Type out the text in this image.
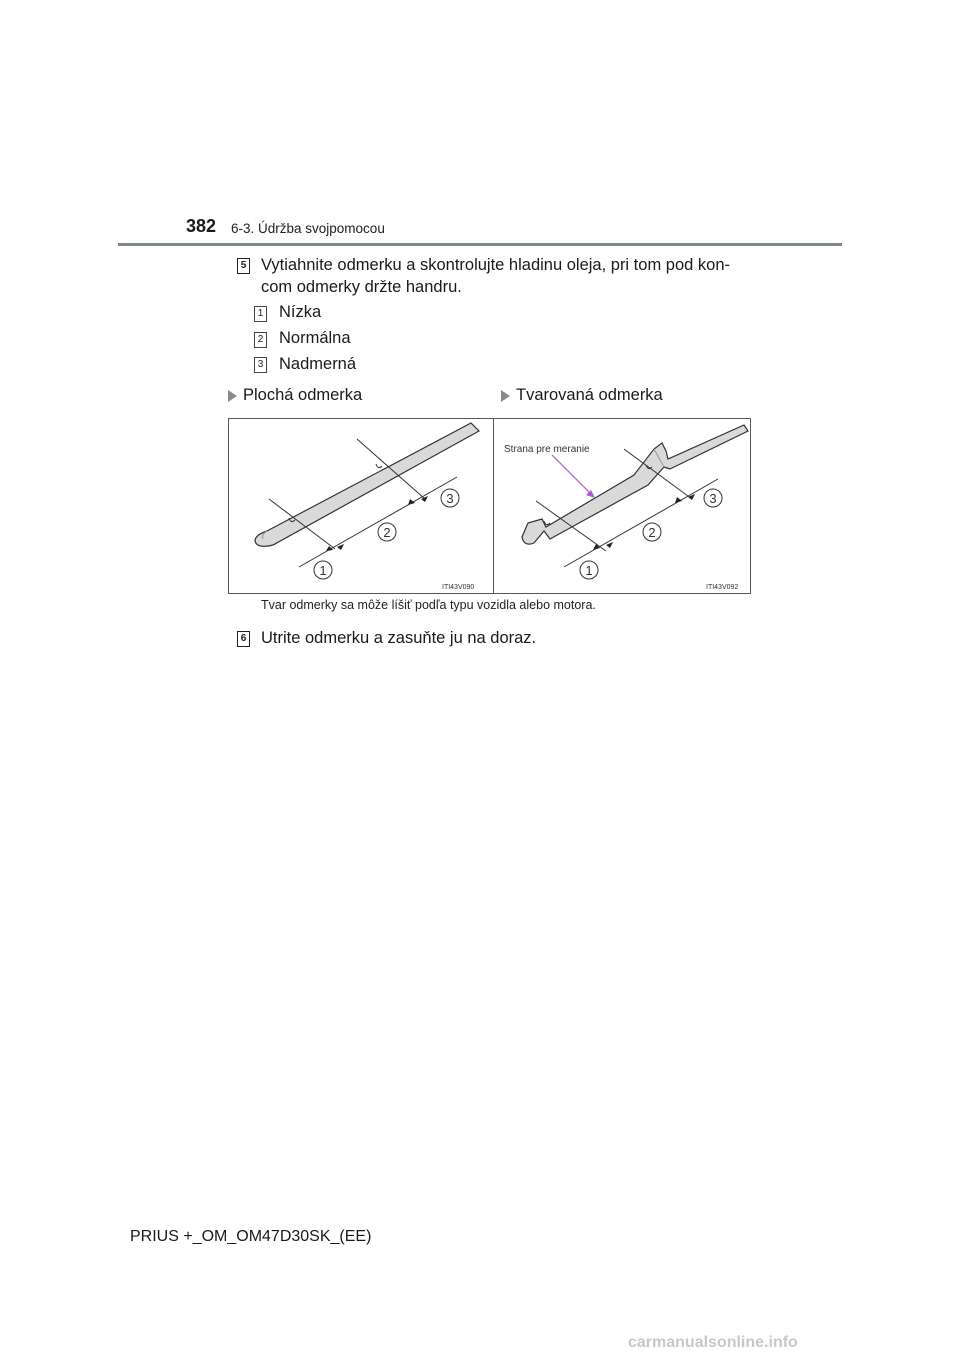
382 6-3. Údržba svojpomocou
5 Vytiahnite odmerku a skontrolujte hladinu oleja, pri tom pod kon-
com odmerky držte handru.
1 Nízka
2 Normálna
3 Nadmerná
Plochá odmerka	Tvarovaná odmerka
1
2
3
ITI43V090
Strana pre meranie
1
2
3
ITI43V092
Tvar odmerky sa môže líšiť podľa typu vozidla alebo motora.
6 Utrite odmerku a zasuňte ju na doraz.
PRIUS +_OM_OM47D30SK_(EE)
carmanualsonline.info
